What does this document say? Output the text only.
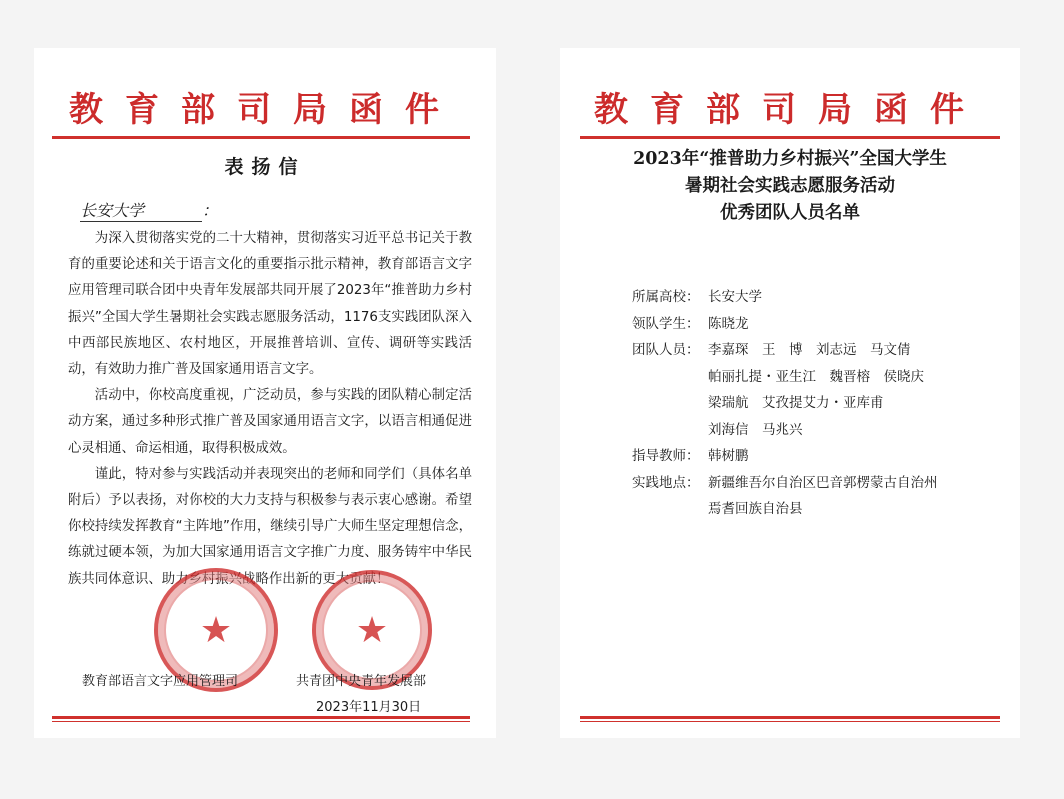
教育部司局函件
表扬信
长安大学	：

为深入贯彻落实党的二十大精神，贯彻落实习近平总书记关于教育的重要论述和关于语言文化的重要指示批示精神，教育部语言文字应用管理司联合团中央青年发展部共同开展了2023年“推普助力乡村振兴”全国大学生暑期社会实践志愿服务活动，1176支实践团队深入中西部民族地区、农村地区，开展推普培训、宣传、调研等实践活动，有效助力推广普及国家通用语言文字。

活动中，你校高度重视，广泛动员，参与实践的团队精心制定活动方案，通过多种形式推广普及国家通用语言文字，以语言相通促进心灵相通、命运相通，取得积极成效。

谨此，特对参与实践活动并表现突出的老师和同学们（具体名单附后）予以表扬，对你校的大力支持与积极参与表示衷心感谢。希望你校持续发挥教育“主阵地”作用，继续引导广大师生坚定理想信念，练就过硬本领，为加大国家通用语言文字推广力度、服务铸牢中华民族共同体意识、助力乡村振兴战略作出新的更大贡献！

★	★
教育部语言文字应用管理司	共青团中央青年发展部
2023年11月30日
教育部司局函件
2023年“推普助力乡村振兴”全国大学生
暑期社会实践志愿服务活动
优秀团队人员名单
所属高校： 长安大学
领队学生： 陈晓龙
团队人员： 李嘉琛　王　博　刘志远　马文倩
帕丽扎提・亚生江　魏晋榕　侯晓庆
梁瑞航　艾孜提艾力・亚库甫
刘海信　马兆兴
指导教师： 韩树鹏
实践地点： 新疆维吾尔自治区巴音郭楞蒙古自治州
焉耆回族自治县
